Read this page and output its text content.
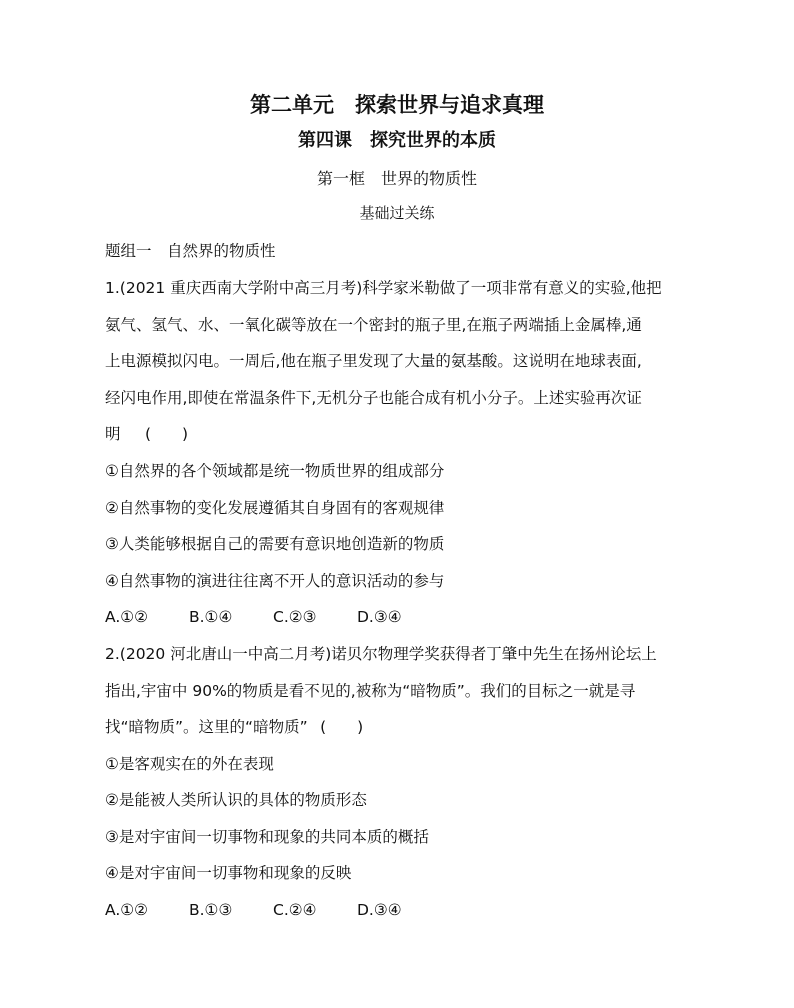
第二单元　探索世界与追求真理
第四课　探究世界的本质
第一框　世界的物质性
基础过关练
题组一　自然界的物质性
1.(2021 重庆西南大学附中高三月考)科学家米勒做了一项非常有意义的实验,他把
氨气、氢气、水、一氧化碳等放在一个密封的瓶子里,在瓶子两端插上金属棒,通
上电源模拟闪电。一周后,他在瓶子里发现了大量的氨基酸。这说明在地球表面,
经闪电作用,即使在常温条件下,无机分子也能合成有机小分子。上述实验再次证
明 (　　)
①自然界的各个领域都是统一物质世界的组成部分
②自然事物的变化发展遵循其自身固有的客观规律
③人类能够根据自己的需要有意识地创造新的物质
④自然事物的演进往往离不开人的意识活动的参与
A.①②	B.①④	C.②③	D.③④
2.(2020 河北唐山一中高二月考)诺贝尔物理学奖获得者丁肇中先生在扬州论坛上
指出,宇宙中 90%的物质是看不见的,被称为“暗物质”。我们的目标之一就是寻
找“暗物质”。这里的“暗物质” (　　)
①是客观实在的外在表现
②是能被人类所认识的具体的物质形态
③是对宇宙间一切事物和现象的共同本质的概括
④是对宇宙间一切事物和现象的反映
A.①②	B.①③	C.②④	D.③④
